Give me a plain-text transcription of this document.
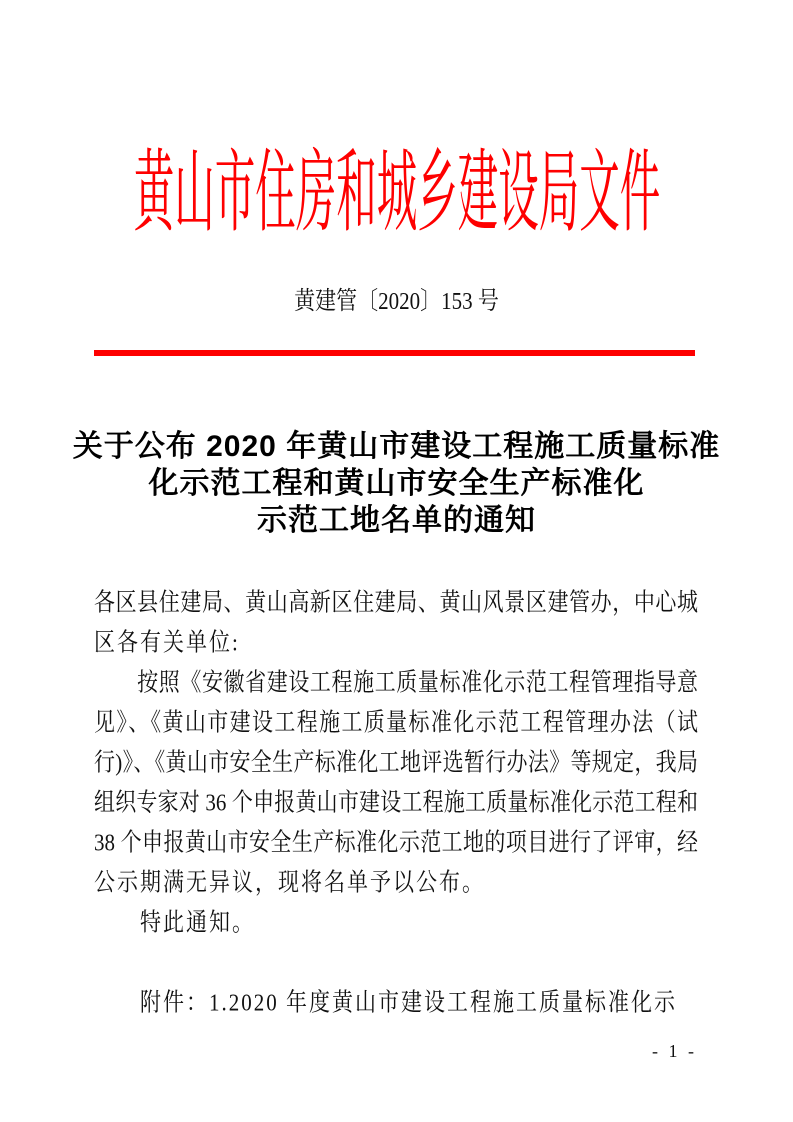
黄山市住房和城乡建设局文件
黄建管〔2020〕153 号
关于公布 2020 年黄山市建设工程施工质量标准
化示范工程和黄山市安全生产标准化
示范工地名单的通知
各区县住建局、黄山高新区住建局、黄山风景区建管办，中心城
区各有关单位:
　　按照《安徽省建设工程施工质量标准化示范工程管理指导意
见》、《黄山市建设工程施工质量标准化示范工程管理办法（试
行)》、《黄山市安全生产标准化工地评选暂行办法》等规定，我局
组织专家对 36 个申报黄山市建设工程施工质量标准化示范工程和
38 个申报黄山市安全生产标准化示范工地的项目进行了评审，经
公示期满无异议，现将名单予以公布。
　　特此通知。
　　附件：1.2020 年度黄山市建设工程施工质量标准化示
- 1 -
